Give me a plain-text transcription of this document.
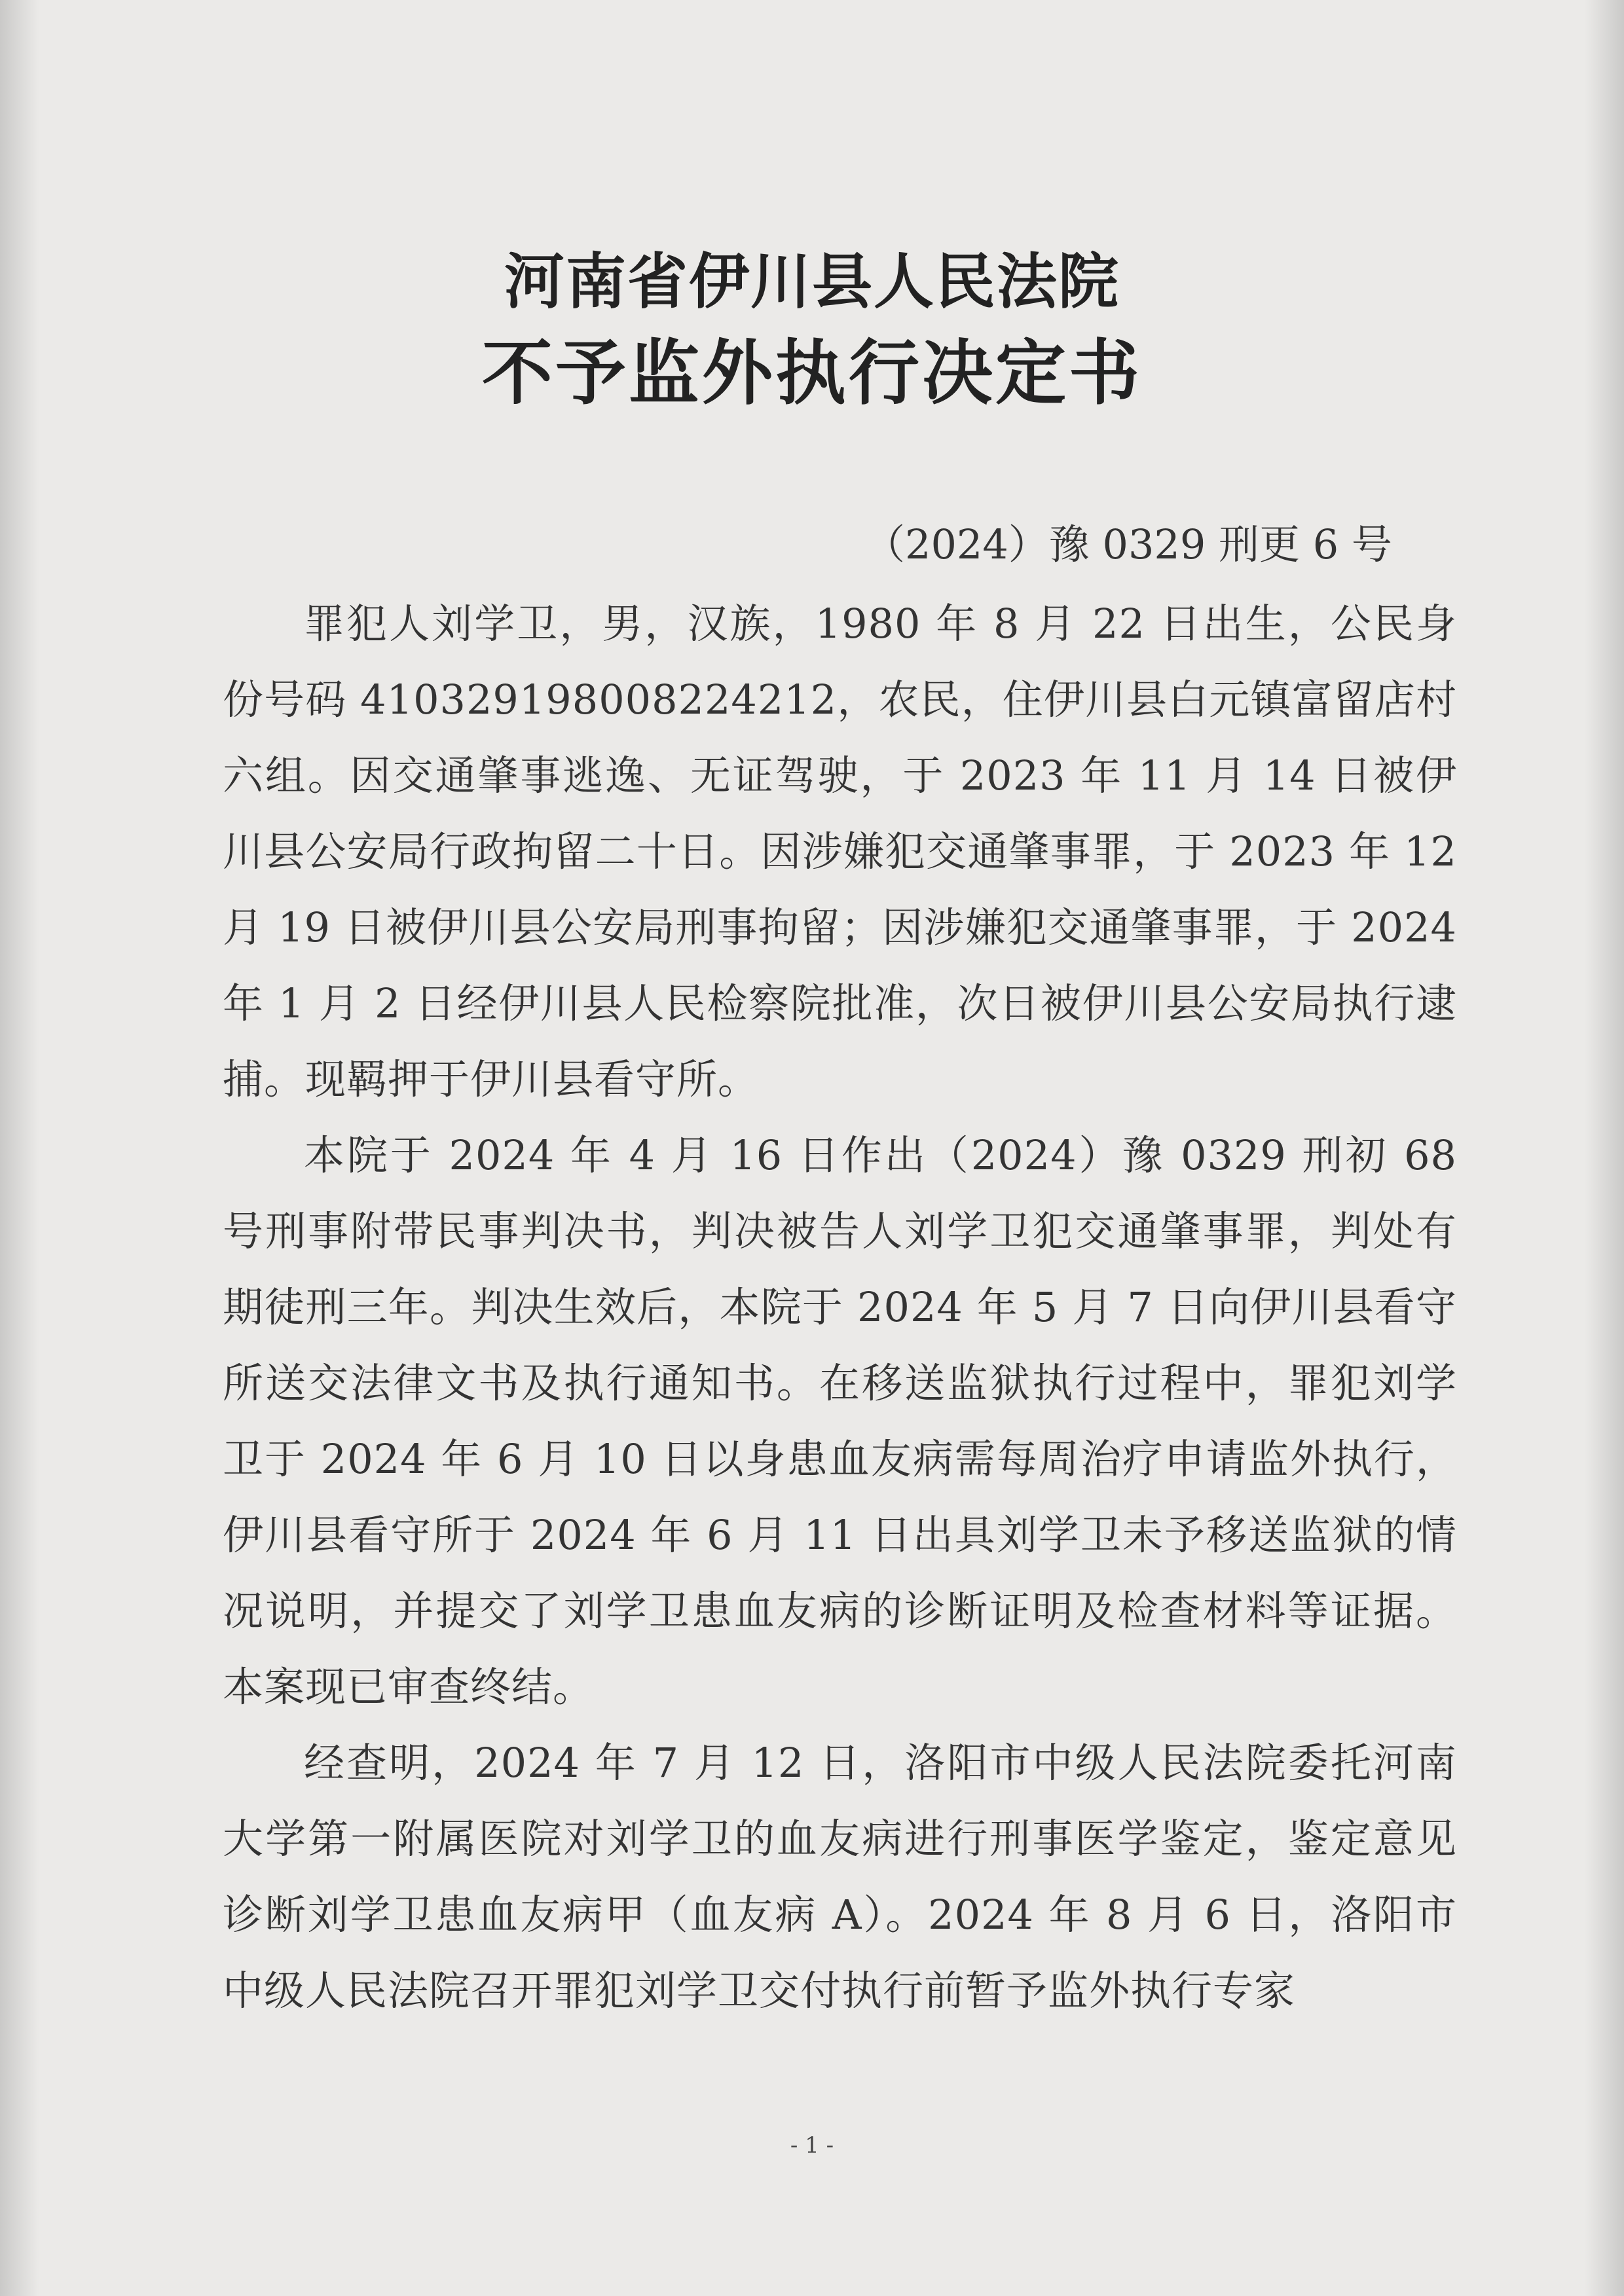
河南省伊川县人民法院
不予监外执行决定书
（2024）豫 0329 刑更 6 号

罪犯人刘学卫，男，汉族，1980 年 8 月 22 日出生，公民身份号码 410329198008224212，农民，住伊川县白元镇富留店村六组。因交通肇事逃逸、无证驾驶，于 2023 年 11 月 14 日被伊川县公安局行政拘留二十日。因涉嫌犯交通肇事罪，于 2023 年 12 月 19 日被伊川县公安局刑事拘留；因涉嫌犯交通肇事罪，于 2024 年 1 月 2 日经伊川县人民检察院批准，次日被伊川县公安局执行逮捕。现羁押于伊川县看守所。

本院于 2024 年 4 月 16 日作出（2024）豫 0329 刑初 68 号刑事附带民事判决书，判决被告人刘学卫犯交通肇事罪，判处有期徒刑三年。判决生效后，本院于 2024 年 5 月 7 日向伊川县看守所送交法律文书及执行通知书。在移送监狱执行过程中，罪犯刘学卫于 2024 年 6 月 10 日以身患血友病需每周治疗申请监外执行，伊川县看守所于 2024 年 6 月 11 日出具刘学卫未予移送监狱的情况说明，并提交了刘学卫患血友病的诊断证明及检查材料等证据。本案现已审查终结。

经查明，2024 年 7 月 12 日，洛阳市中级人民法院委托河南大学第一附属医院对刘学卫的血友病进行刑事医学鉴定，鉴定意见诊断刘学卫患血友病甲（血友病 A）。2024 年 8 月 6 日，洛阳市中级人民法院召开罪犯刘学卫交付执行前暂予监外执行专家

- 1 -
